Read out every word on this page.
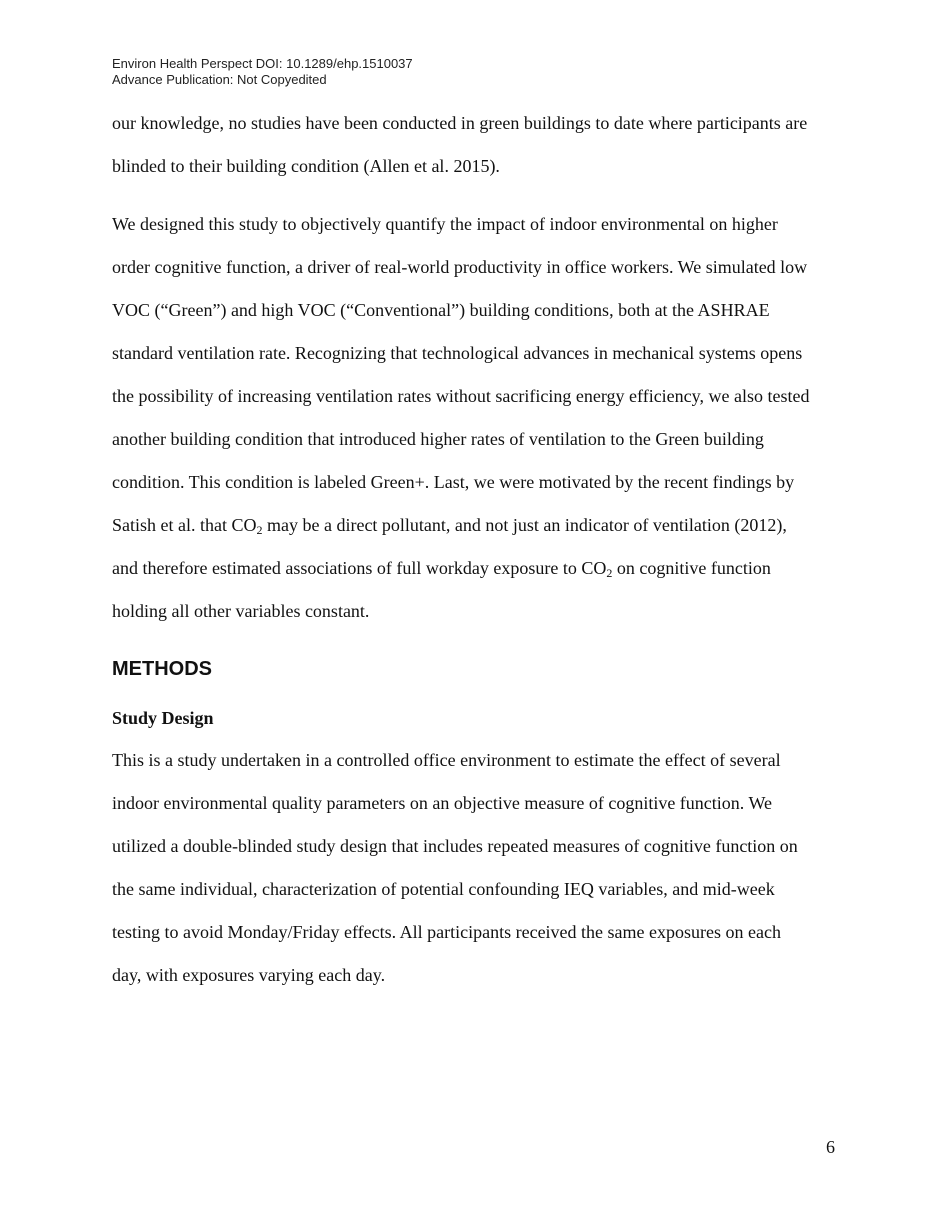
Environ Health Perspect DOI: 10.1289/ehp.1510037
Advance Publication: Not Copyedited
our knowledge, no studies have been conducted in green buildings to date where participants are
blinded to their building condition (Allen et al. 2015).
We designed this study to objectively quantify the impact of indoor environmental on higher
order cognitive function, a driver of real-world productivity in office workers. We simulated low
VOC (“Green”) and high VOC (“Conventional”) building conditions, both at the ASHRAE
standard ventilation rate. Recognizing that technological advances in mechanical systems opens
the possibility of increasing ventilation rates without sacrificing energy efficiency, we also tested
another building condition that introduced higher rates of ventilation to the Green building
condition. This condition is labeled Green+. Last, we were motivated by the recent findings by
Satish et al. that $CO_2$ may be a direct pollutant, and not just an indicator of ventilation (2012),
and therefore estimated associations of full workday exposure to $CO_2$ on cognitive function
holding all other variables constant.
METHODS
Study Design
This is a study undertaken in a controlled office environment to estimate the effect of several
indoor environmental quality parameters on an objective measure of cognitive function. We
utilized a double-blinded study design that includes repeated measures of cognitive function on
the same individual, characterization of potential confounding IEQ variables, and mid-week
testing to avoid Monday/Friday effects. All participants received the same exposures on each
day, with exposures varying each day.
6
